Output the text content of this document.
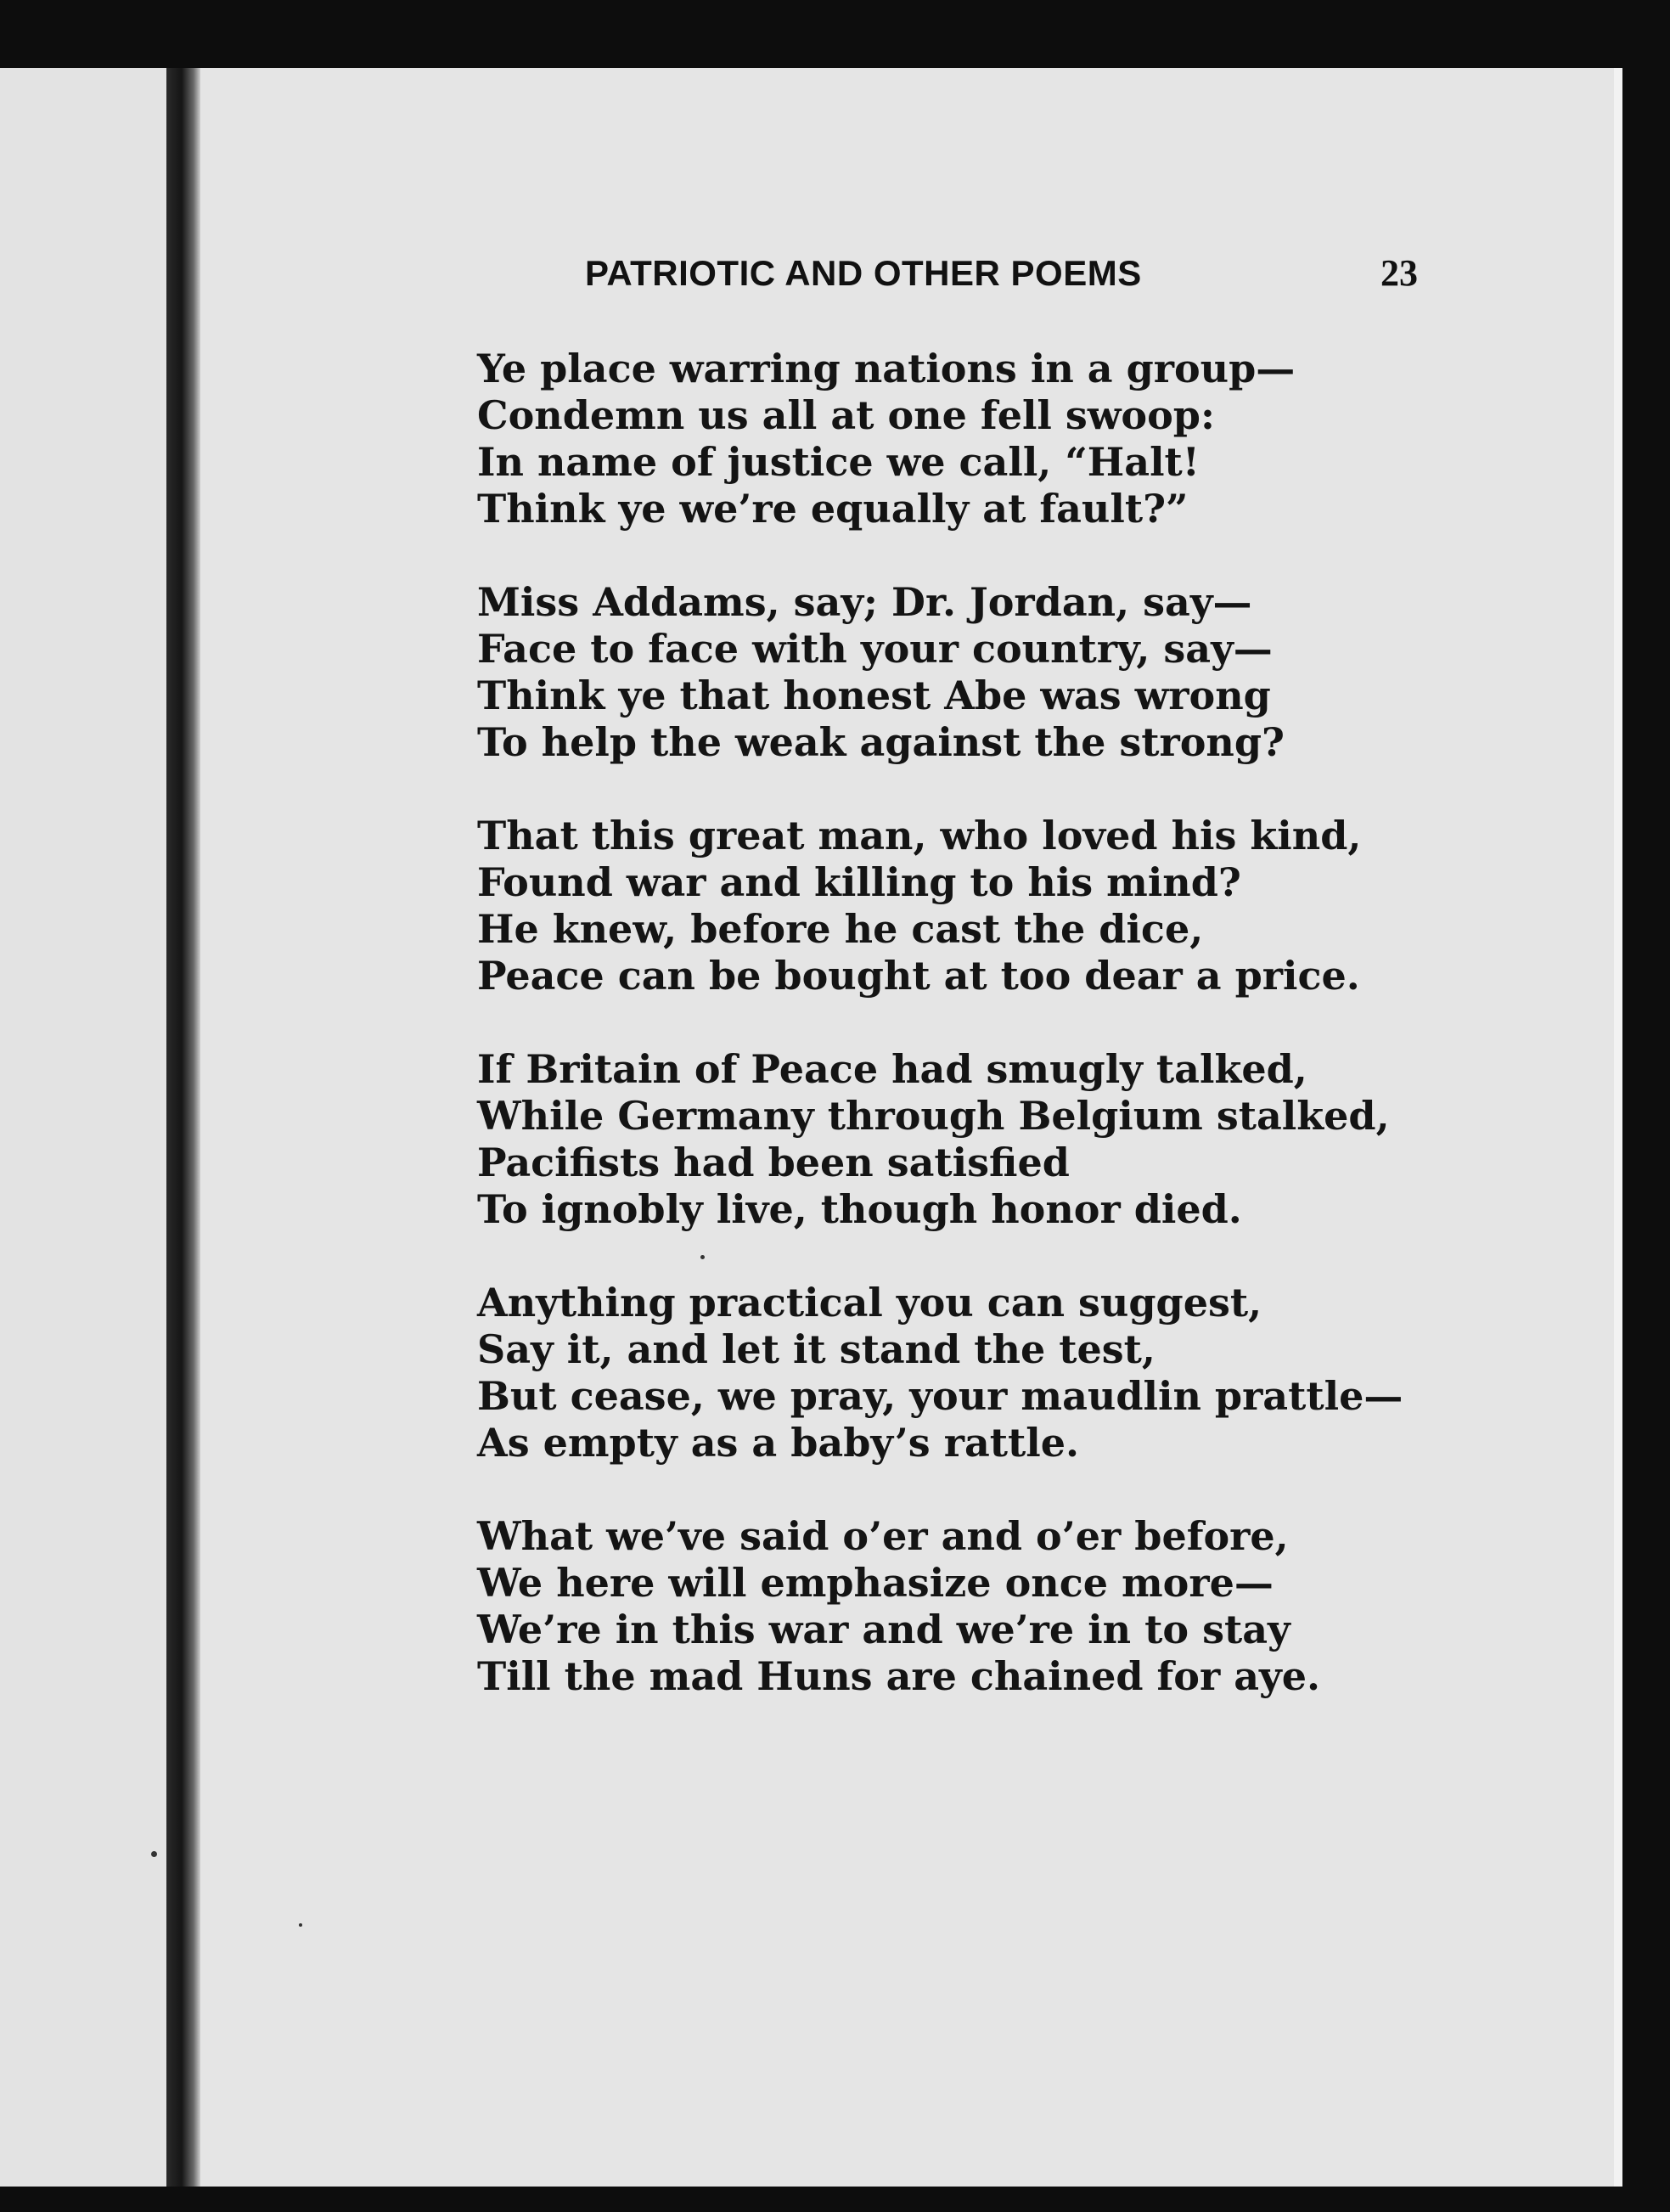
PATRIOTIC AND OTHER POEMS	23
Ye place warring nations in a group—
Condemn us all at one fell swoop:
In name of justice we call, “Halt!
Think ye we’re equally at fault?”
Miss Addams, say; Dr. Jordan, say—
Face to face with your country, say—
Think ye that honest Abe was wrong
To help the weak against the strong?
That this great man, who loved his kind,
Found war and killing to his mind?
He knew, before he cast the dice,
Peace can be bought at too dear a price.
If Britain of Peace had smugly talked,
While Germany through Belgium stalked,
Pacifists had been satisfied
To ignobly live, though honor died.
Anything practical you can suggest,
Say it, and let it stand the test,
But cease, we pray, your maudlin prattle—
As empty as a baby’s rattle.
What we’ve said o’er and o’er before,
We here will emphasize once more—
We’re in this war and we’re in to stay
Till the mad Huns are chained for aye.
